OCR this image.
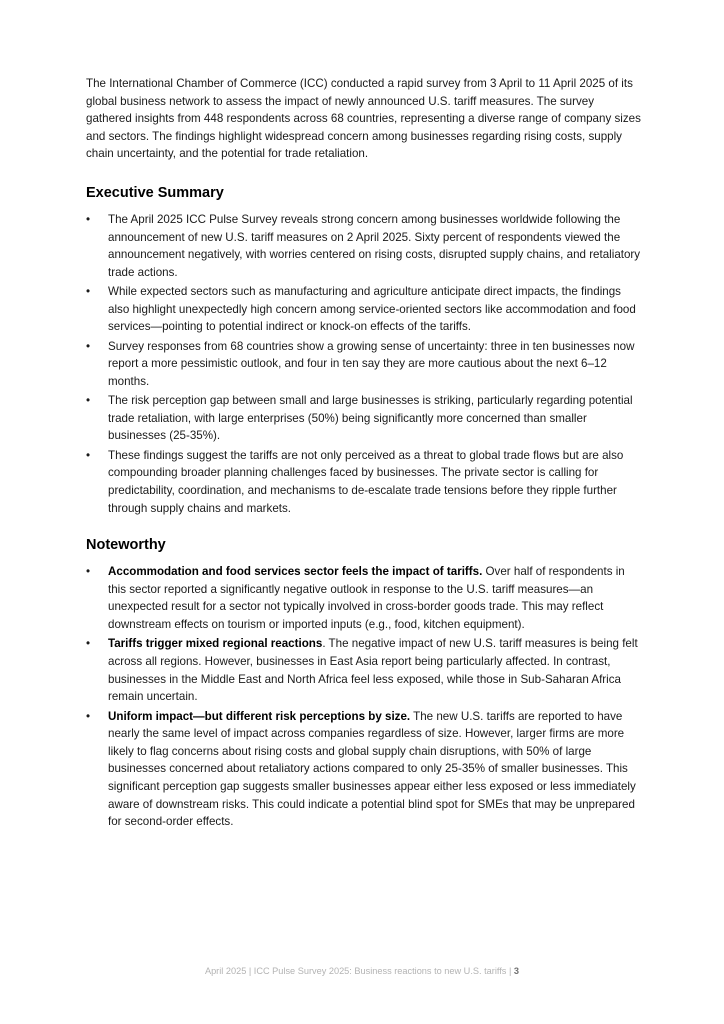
The International Chamber of Commerce (ICC) conducted a rapid survey from 3 April to 11 April 2025 of its global business network to assess the impact of newly announced U.S. tariff measures. The survey gathered insights from 448 respondents across 68 countries, representing a diverse range of company sizes and sectors. The findings highlight widespread concern among businesses regarding rising costs, supply chain uncertainty, and the potential for trade retaliation.

Executive Summary
•	The April 2025 ICC Pulse Survey reveals strong concern among businesses worldwide following the announcement of new U.S. tariff measures on 2 April 2025. Sixty percent of respondents viewed the announcement negatively, with worries centered on rising costs, disrupted supply chains, and retaliatory trade actions.
•	While expected sectors such as manufacturing and agriculture anticipate direct impacts, the findings also highlight unexpectedly high concern among service-oriented sectors like accommodation and food services—pointing to potential indirect or knock-on effects of the tariffs.
•	Survey responses from 68 countries show a growing sense of uncertainty: three in ten businesses now report a more pessimistic outlook, and four in ten say they are more cautious about the next 6–12 months.
•	The risk perception gap between small and large businesses is striking, particularly regarding potential trade retaliation, with large enterprises (50%) being significantly more concerned than smaller businesses (25-35%).
•	These findings suggest the tariffs are not only perceived as a threat to global trade flows but are also compounding broader planning challenges faced by businesses. The private sector is calling for predictability, coordination, and mechanisms to de-escalate trade tensions before they ripple further through supply chains and markets.
Noteworthy
•	Accommodation and food services sector feels the impact of tariffs. Over half of respondents in this sector reported a significantly negative outlook in response to the U.S. tariff measures—an unexpected result for a sector not typically involved in cross-border goods trade. This may reflect downstream effects on tourism or imported inputs (e.g., food, kitchen equipment).
•	Tariffs trigger mixed regional reactions. The negative impact of new U.S. tariff measures is being felt across all regions. However, businesses in East Asia report being particularly affected. In contrast, businesses in the Middle East and North Africa feel less exposed, while those in Sub-Saharan Africa remain uncertain.
•	Uniform impact—but different risk perceptions by size. The new U.S. tariffs are reported to have nearly the same level of impact across companies regardless of size. However, larger firms are more likely to flag concerns about rising costs and global supply chain disruptions, with 50% of large businesses concerned about retaliatory actions compared to only 25-35% of smaller businesses. This significant perception gap suggests smaller businesses appear either less exposed or less immediately aware of downstream risks. This could indicate a potential blind spot for SMEs that may be unprepared for second-order effects.
April 2025 | ICC Pulse Survey 2025: Business reactions to new U.S. tariffs | 3
